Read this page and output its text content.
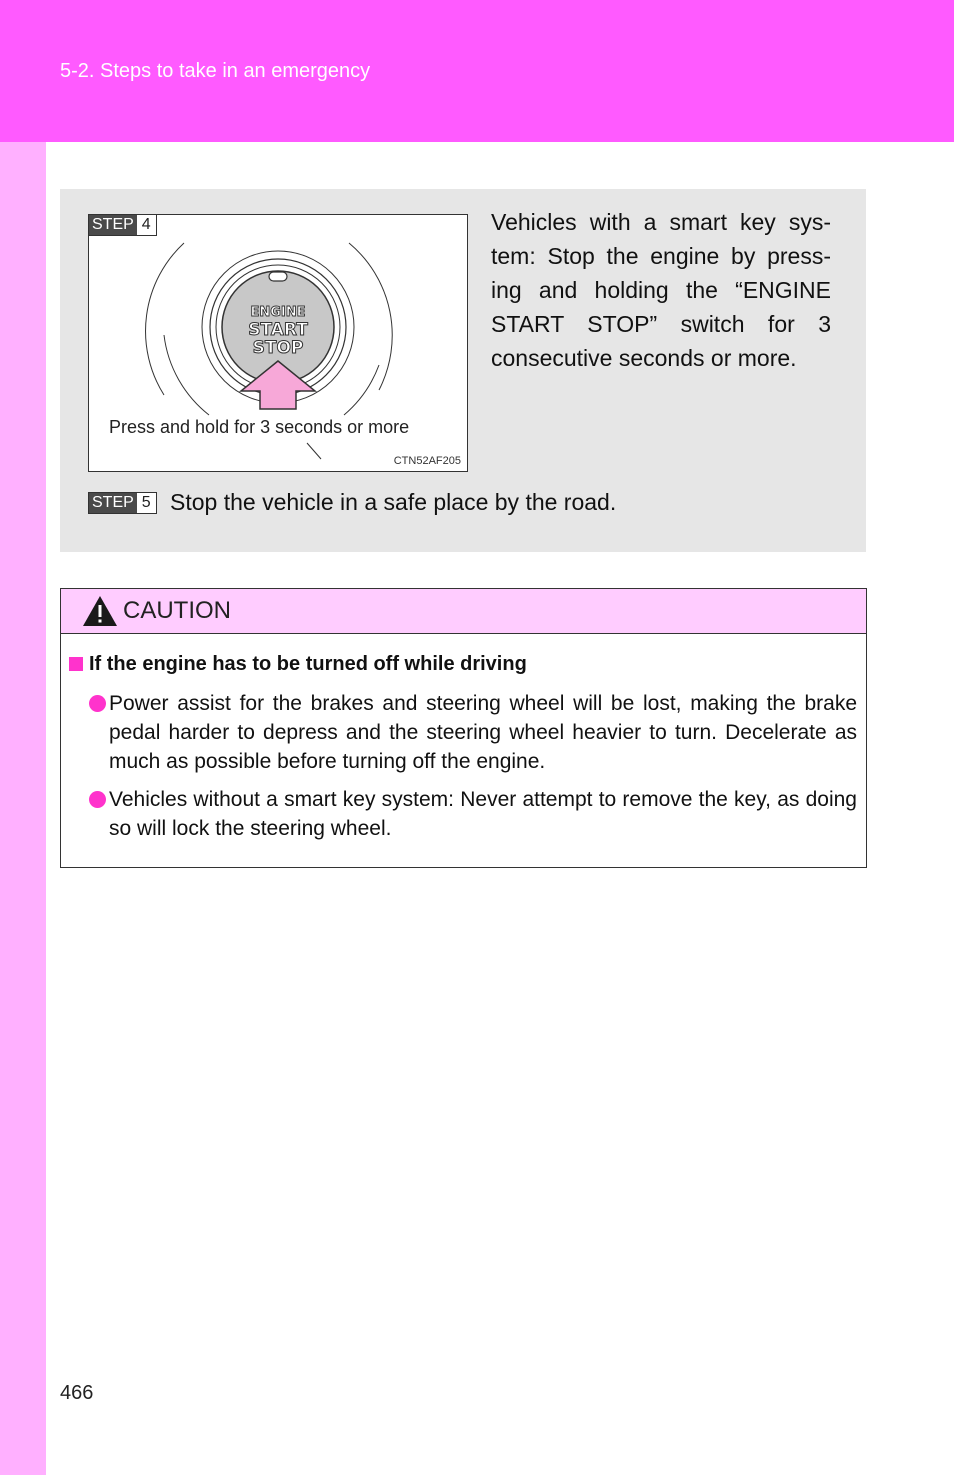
5-2. Steps to take in an emergency
ENGINE
START
STOP
STEP 4
Press and hold for 3 seconds or more
CTN52AF205
Vehicles with a smart key sys-tem: Stop the engine by press-ing and holding the “ENGINE START STOP” switch for 3 consecutive seconds or more.
STEP 5 Stop the vehicle in a safe place by the road.
CAUTION
If the engine has to be turned off while driving
Power assist for the brakes and steering wheel will be lost, making the brake pedal harder to depress and the steering wheel heavier to turn. Decelerate as much as possible before turning off the engine.
Vehicles without a smart key system: Never attempt to remove the key, as doing so will lock the steering wheel.
466
